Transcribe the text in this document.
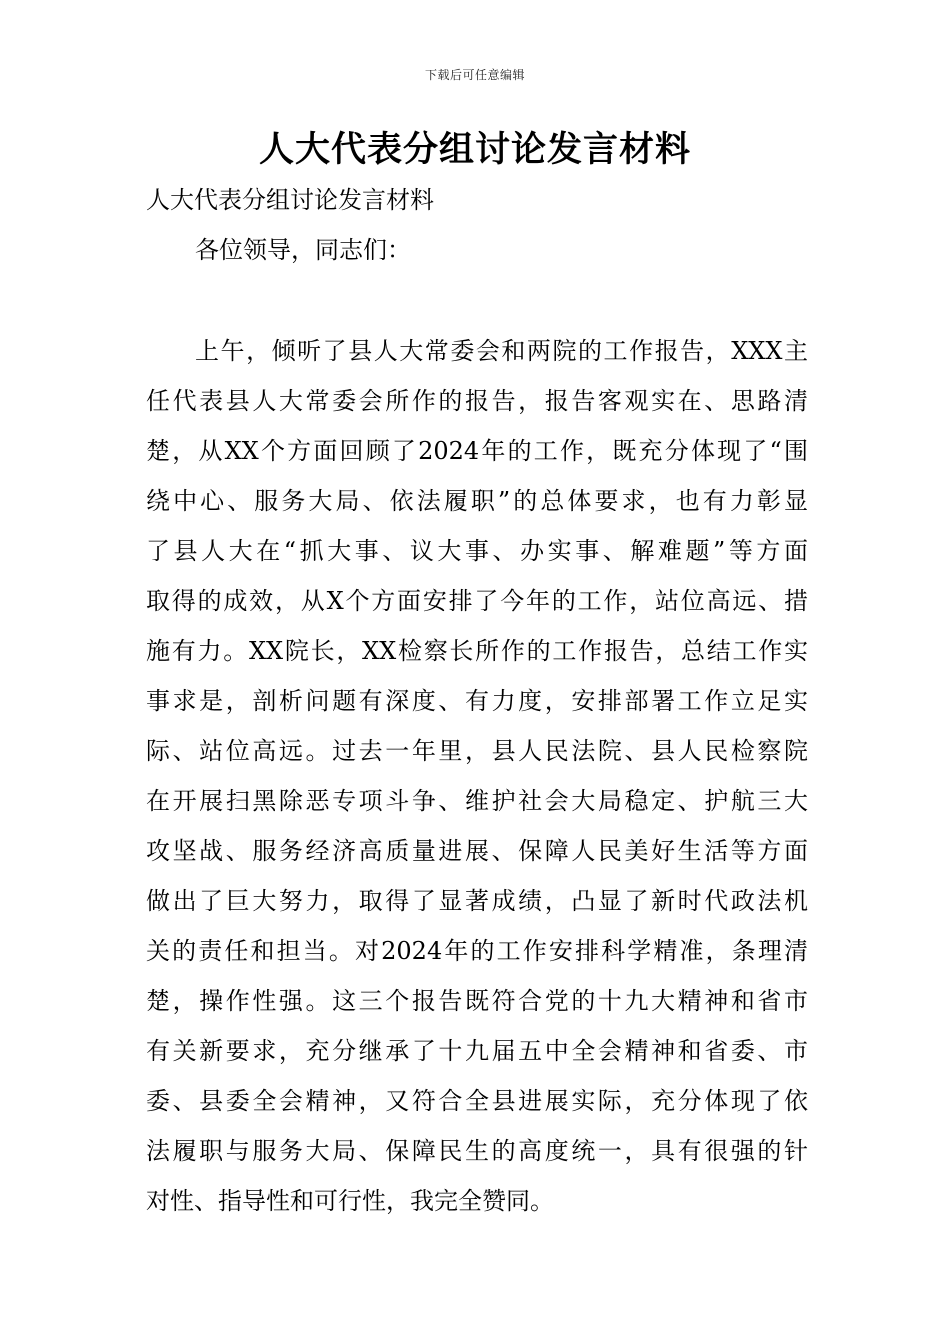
下载后可任意编辑
人大代表分组讨论发言材料
人大代表分组讨论发言材料
各位领导，同志们：
上午，倾听了县人大常委会和两院的工作报告，XXX主
任代表县人大常委会所作的报告，报告客观实在、思路清
楚，从XX个方面回顾了2024年的工作，既充分体现了“围
绕中心、服务大局、依法履职”的总体要求，也有力彰显
了县人大在“抓大事、议大事、办实事、解难题”等方面
取得的成效，从X个方面安排了今年的工作，站位高远、措
施有力。XX院长，XX检察长所作的工作报告，总结工作实
事求是，剖析问题有深度、有力度，安排部署工作立足实
际、站位高远。过去一年里，县人民法院、县人民检察院
在开展扫黑除恶专项斗争、维护社会大局稳定、护航三大
攻坚战、服务经济高质量进展、保障人民美好生活等方面
做出了巨大努力，取得了显著成绩，凸显了新时代政法机
关的责任和担当。对2024年的工作安排科学精准，条理清
楚，操作性强。这三个报告既符合党的十九大精神和省市
有关新要求，充分继承了十九届五中全会精神和省委、市
委、县委全会精神，又符合全县进展实际，充分体现了依
法履职与服务大局、保障民生的高度统一，具有很强的针
对性、指导性和可行性，我完全赞同。
